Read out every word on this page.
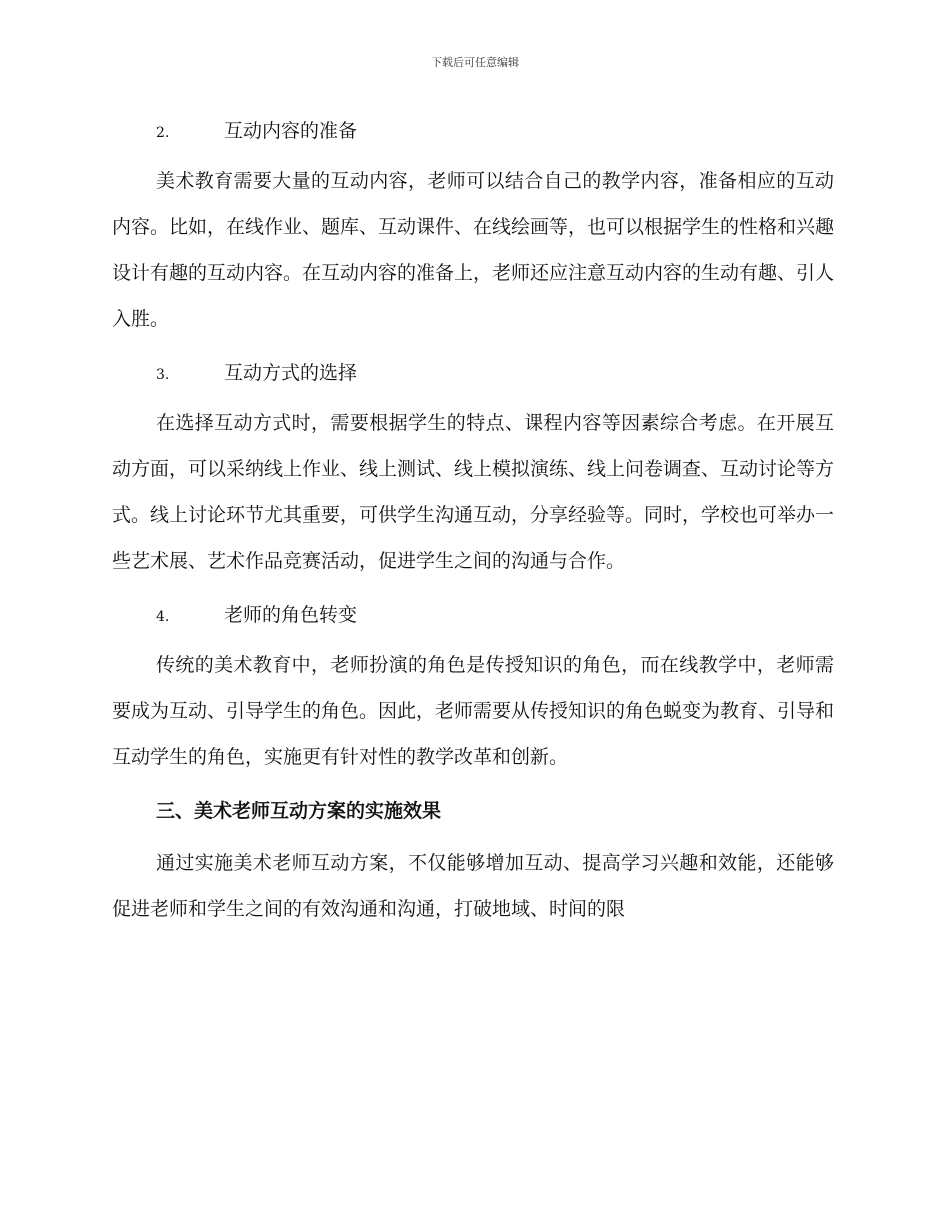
下载后可任意编辑
2.	互动内容的准备
美术教育需要大量的互动内容，老师可以结合自己的教学内容，准备相应的互动内容。比如，在线作业、题库、互动课件、在线绘画等，也可以根据学生的性格和兴趣设计有趣的互动内容。在互动内容的准备上，老师还应注意互动内容的生动有趣、引人入胜。
3.	互动方式的选择
在选择互动方式时，需要根据学生的特点、课程内容等因素综合考虑。在开展互动方面，可以采纳线上作业、线上测试、线上模拟演练、线上问卷调查、互动讨论等方式。线上讨论环节尤其重要，可供学生沟通互动，分享经验等。同时，学校也可举办一些艺术展、艺术作品竞赛活动，促进学生之间的沟通与合作。
4.	老师的角色转变
传统的美术教育中，老师扮演的角色是传授知识的角色，而在线教学中，老师需要成为互动、引导学生的角色。因此，老师需要从传授知识的角色蜕变为教育、引导和互动学生的角色，实施更有针对性的教学改革和创新。
三、美术老师互动方案的实施效果
通过实施美术老师互动方案，不仅能够增加互动、提高学习兴趣和效能，还能够促进老师和学生之间的有效沟通和沟通，打破地域、时间的限
